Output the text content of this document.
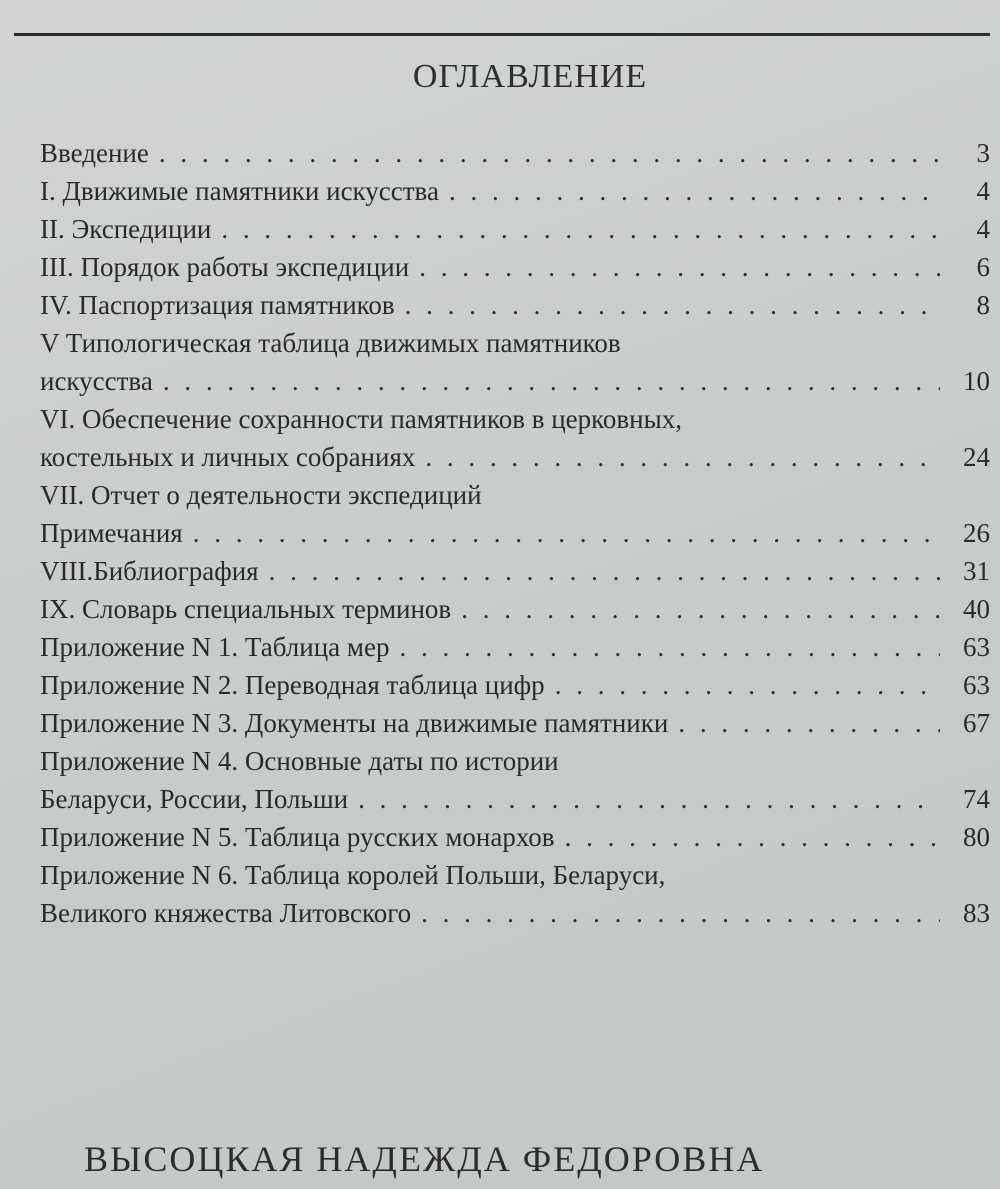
ОГЛАВЛЕНИЕ
Введение . . .	3
I. Движимые памятники искусства . . .	4
II. Экспедиции . . .	4
III. Порядок работы экспедиции . . .	6
IV. Паспортизация памятников . . .	8
V Типологическая таблица движимых памятников
искусства . . .	10
VI. Обеспечение сохранности памятников в церковных,
костельных и личных собраниях . . .	24
VII. Отчет о деятельности экспедиций
Примечания . . .	26
VIII.Библиография . . .	31
IX. Словарь специальных терминов . . .	40
Приложение N 1. Таблица мер . . .	63
Приложение N 2. Переводная таблица цифр . . .	63
Приложение N 3. Документы на движимые памятники . . .	67
Приложение N 4. Основные даты по истории
Беларуси, России, Польши . . .	74
Приложение N 5. Таблица русских монархов . . .	80
Приложение N 6. Таблица королей Польши, Беларуси,
Великого княжества Литовского . . .	83
ВЫСОЦКАЯ НАДЕЖДА ФЕДОРОВНА
